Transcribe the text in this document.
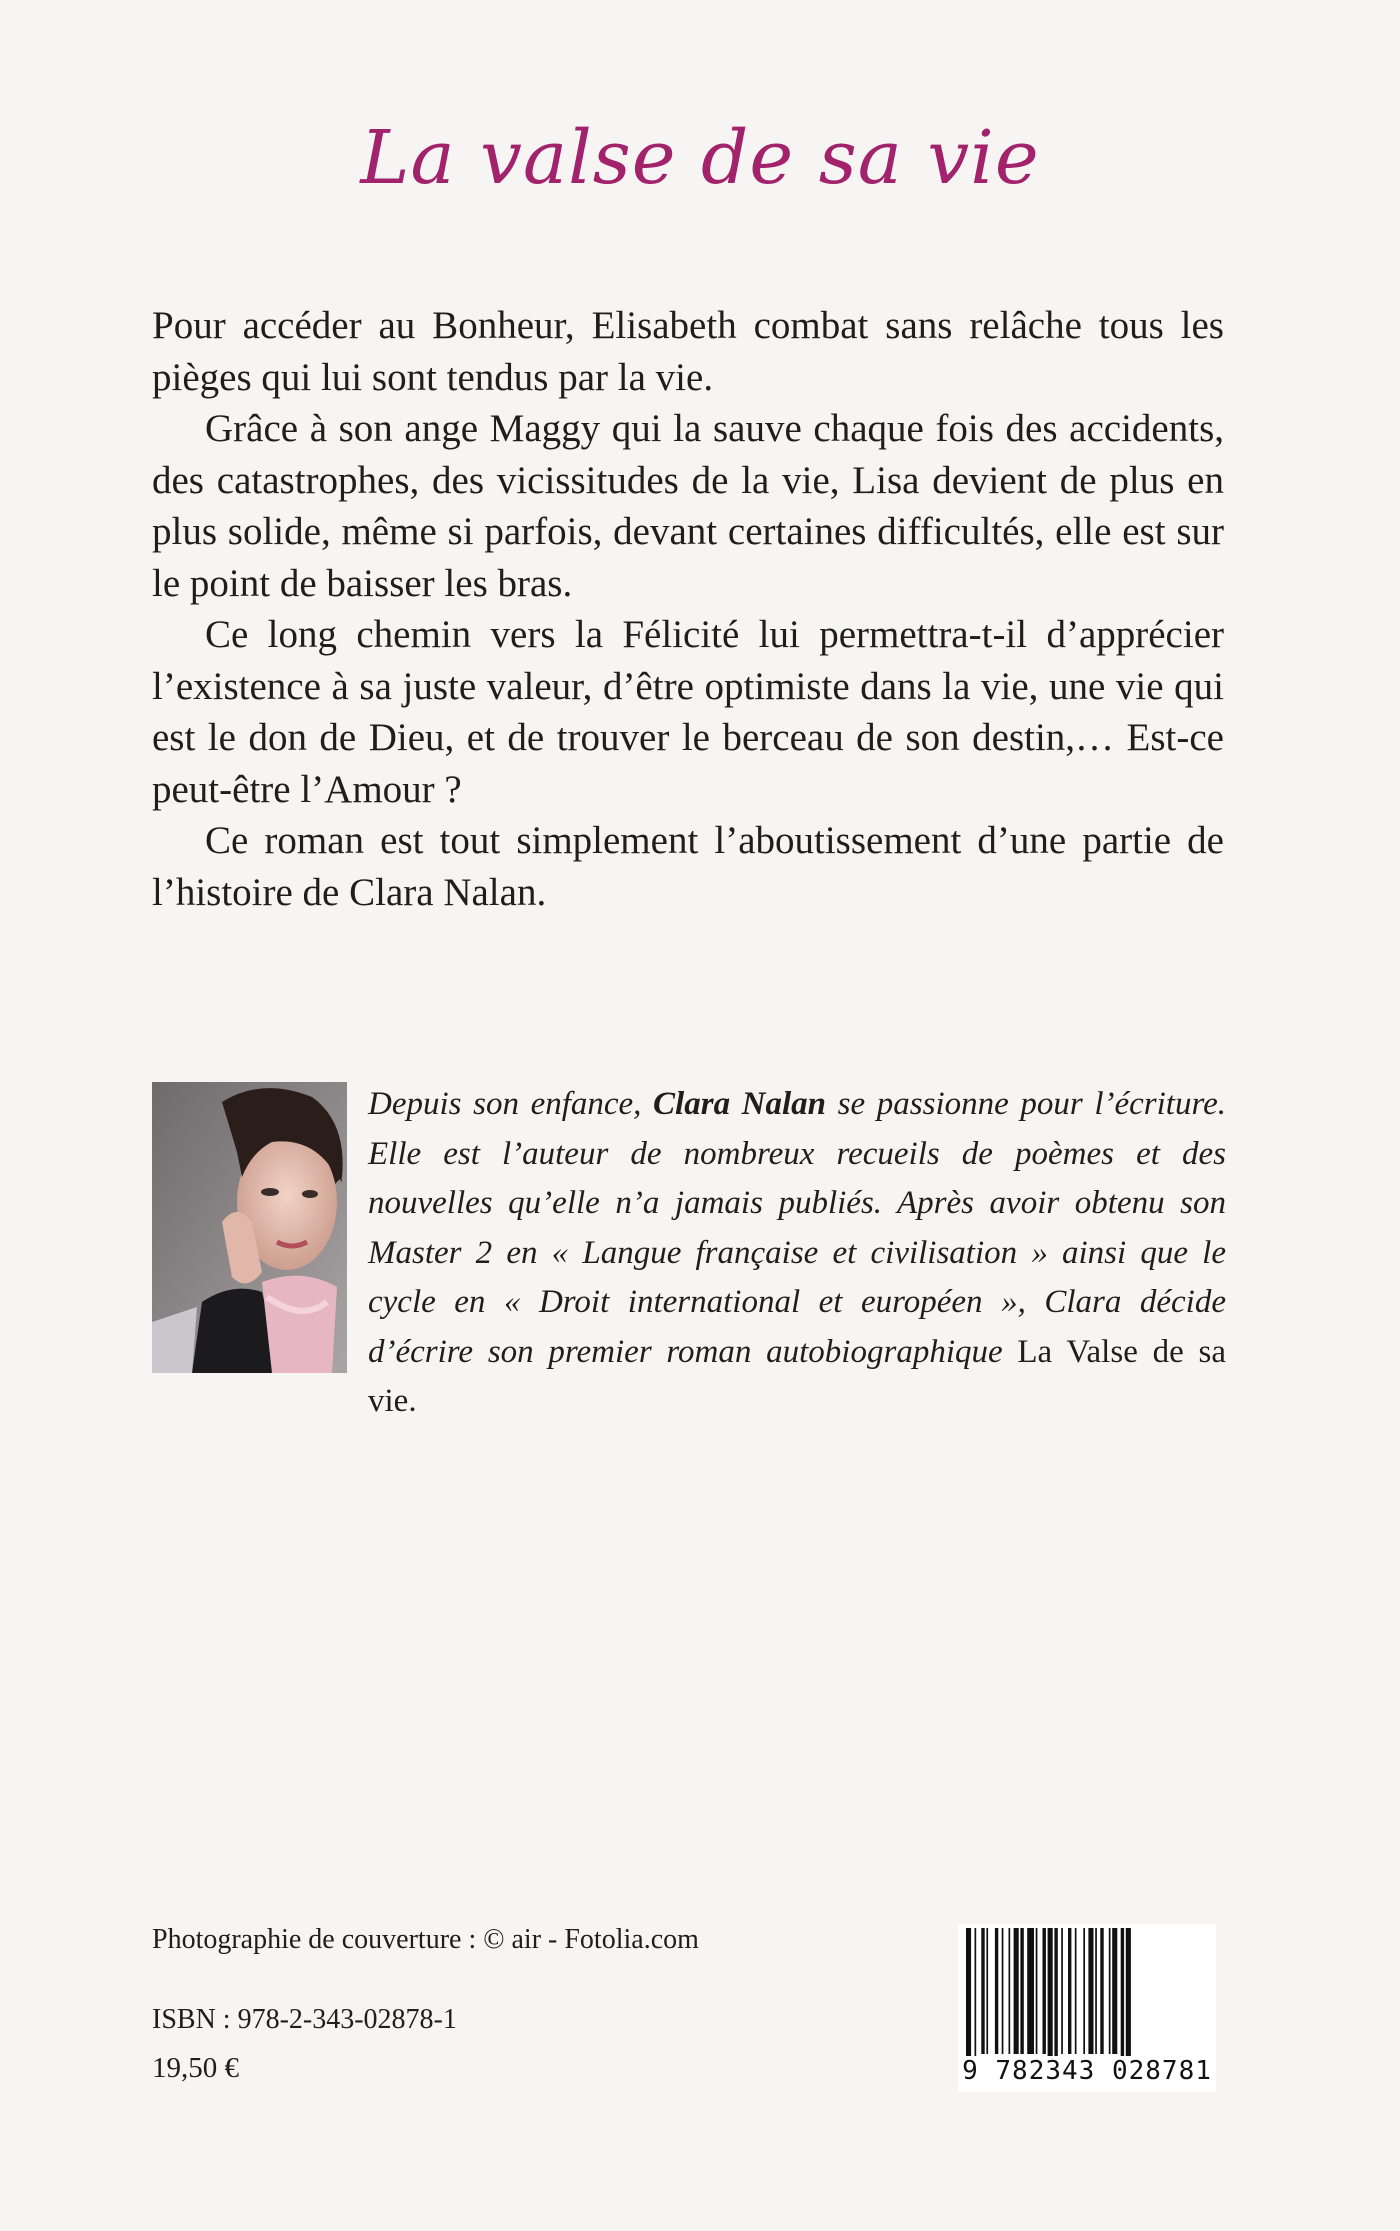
La valse de sa vie

Pour accéder au Bonheur, Elisabeth combat sans relâche tous les pièges qui lui sont tendus par la vie.

Grâce à son ange Maggy qui la sauve chaque fois des accidents, des catastrophes, des vicissitudes de la vie, Lisa devient de plus en plus solide, même si parfois, devant certaines difficultés, elle est sur le point de baisser les bras.

Ce long chemin vers la Félicité lui permettra-t-il d’apprécier l’existence à sa juste valeur, d’être optimiste dans la vie, une vie qui est le don de Dieu, et de trouver le berceau de son destin,… Est-ce peut-être l’Amour ?

Ce roman est tout simplement l’aboutissement d’une partie de l’histoire de Clara Nalan.

Depuis son enfance, Clara Nalan se passionne pour l’écriture. Elle est l’auteur de nombreux recueils de poèmes et des nouvelles qu’elle n’a jamais publiés. Après avoir obtenu son Master 2 en « Langue française et civilisation » ainsi que le cycle en « Droit international et européen », Clara décide d’écrire son premier roman autobiographique La Valse de sa vie.
Photographie de couverture : © air - Fotolia.com
ISBN : 978-2-343-02878-1
19,50 €	9 782343 028781
